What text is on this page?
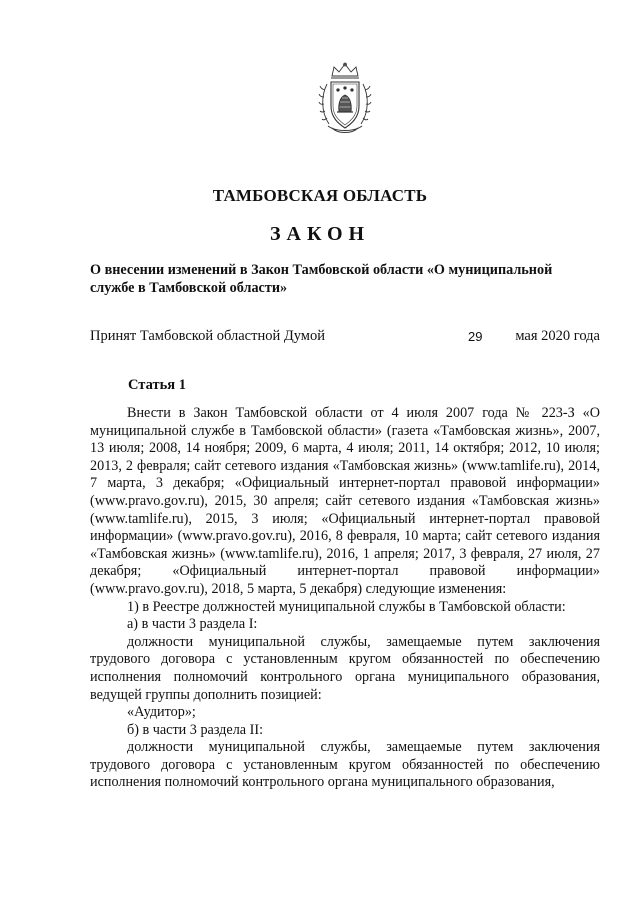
ТАМБОВСКАЯ ОБЛАСТЬ
ЗАКОН
О внесении изменений в Закон Тамбовской области «О муниципальной службе в Тамбовской области»
Принят Тамбовской областной Думой	29 мая 2020 года
Статья 1

Внести в Закон Тамбовской области от 4 июля 2007 года № 223-З «О муниципальной службе в Тамбовской области» (газета «Тамбовская жизнь», 2007, 13 июля; 2008, 14 ноября; 2009, 6 марта, 4 июля; 2011, 14 октября; 2012, 10 июля; 2013, 2 февраля; сайт сетевого издания «Тамбовская жизнь» (www.tamlife.ru), 2014, 7 марта, 3 декабря; «Официальный интернет-портал правовой информации» (www.pravo.gov.ru), 2015, 30 апреля; сайт сетевого издания «Тамбовская жизнь» (www.tamlife.ru), 2015, 3 июля; «Официальный интернет-портал правовой информации» (www.pravo.gov.ru), 2016, 8 февраля, 10 марта; сайт сетевого издания «Тамбовская жизнь» (www.tamlife.ru), 2016, 1 апреля; 2017, 3 февраля, 27 июля, 27 декабря; «Официальный интернет-портал правовой информации» (www.pravo.gov.ru), 2018, 5 марта, 5 декабря) следующие изменения:

1) в Реестре должностей муниципальной службы в Тамбовской области:

а) в части 3 раздела I:

должности муниципальной службы, замещаемые путем заключения трудового договора с установленным кругом обязанностей по обеспечению исполнения полномочий контрольного органа муниципального образования, ведущей группы дополнить позицией:

«Аудитор»;

б) в части 3 раздела II:

должности муниципальной службы, замещаемые путем заключения трудового договора с установленным кругом обязанностей по обеспечению исполнения полномочий контрольного органа муниципального образования,
